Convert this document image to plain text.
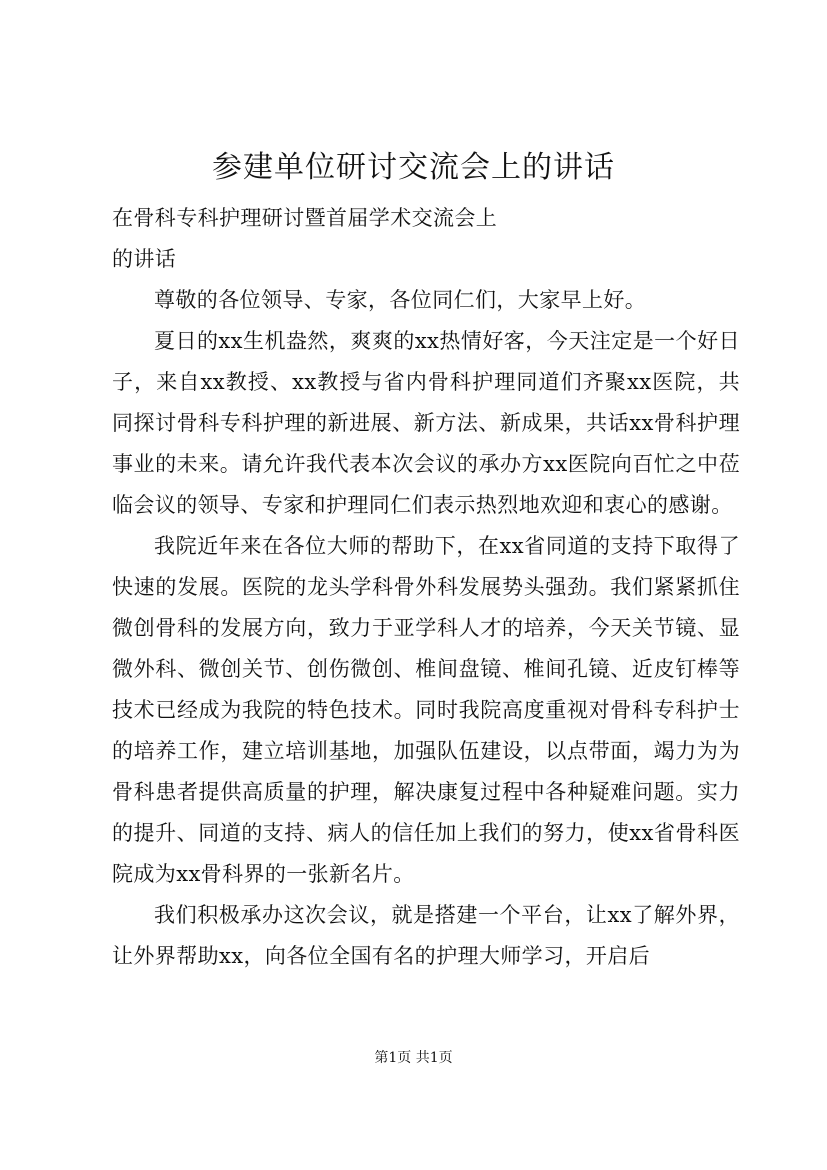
参建单位研讨交流会上的讲话

在骨科专科护理研讨暨首届学术交流会上

的讲话

尊敬的各位领导、专家，各位同仁们，大家早上好。

夏日的xx生机盎然，爽爽的xx热情好客，今天注定是一个好日子，来自xx教授、xx教授与省内骨科护理同道们齐聚xx医院，共同探讨骨科专科护理的新进展、新方法、新成果，共话xx骨科护理事业的未来。请允许我代表本次会议的承办方xx医院向百忙之中莅临会议的领导、专家和护理同仁们表示热烈地欢迎和衷心的感谢。

我院近年来在各位大师的帮助下，在xx省同道的支持下取得了快速的发展。医院的龙头学科骨外科发展势头强劲。我们紧紧抓住微创骨科的发展方向，致力于亚学科人才的培养，今天关节镜、显微外科、微创关节、创伤微创、椎间盘镜、椎间孔镜、近皮钉棒等技术已经成为我院的特色技术。同时我院高度重视对骨科专科护士的培养工作，建立培训基地，加强队伍建设，以点带面，竭力为为骨科患者提供高质量的护理，解决康复过程中各种疑难问题。实力的提升、同道的支持、病人的信任加上我们的努力，使xx省骨科医院成为xx骨科界的一张新名片。

我们积极承办这次会议，就是搭建一个平台，让xx了解外界，让外界帮助xx，向各位全国有名的护理大师学习，开启后

第1页 共1页
